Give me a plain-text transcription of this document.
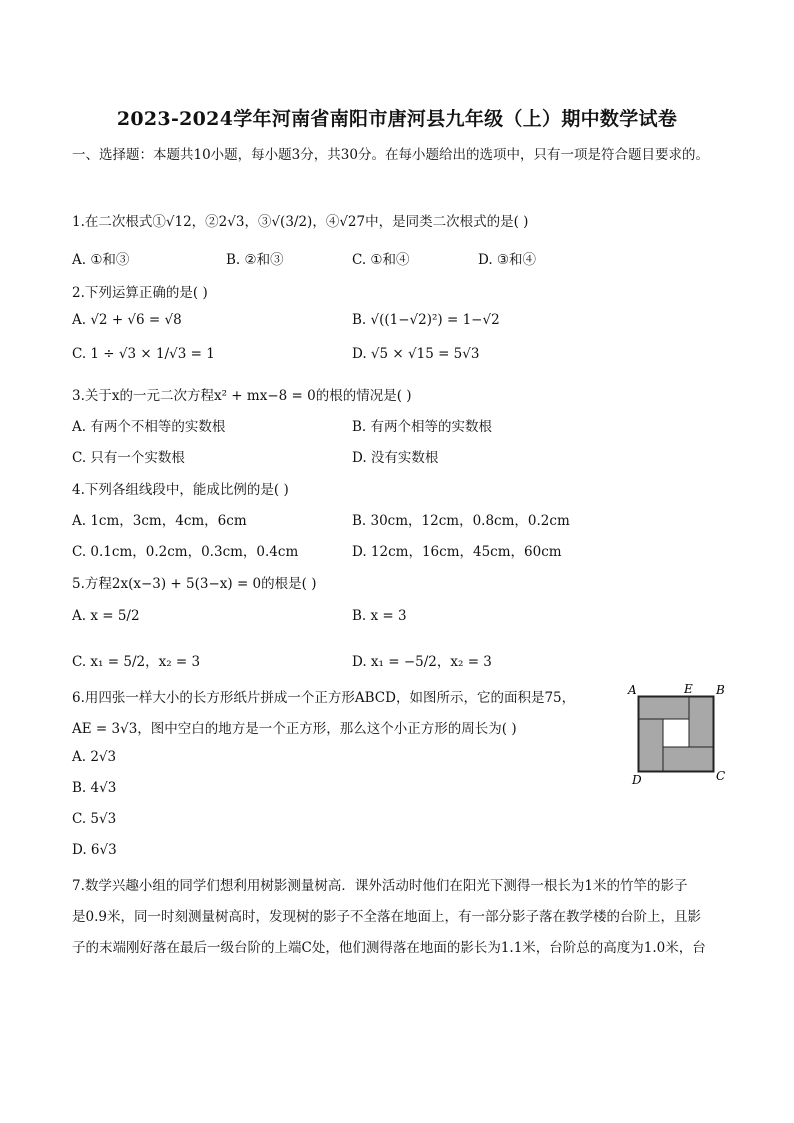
2023-2024学年河南省南阳市唐河县九年级（上）期中数学试卷
一、选择题：本题共10小题，每小题3分，共30分。在每小题给出的选项中，只有一项是符合题目要求的。
1.在二次根式①√12，②2√3，③√(3/2)，④√27中，是同类二次根式的是( )
A. ①和③	B. ②和③	C. ①和④	D. ③和④
2.下列运算正确的是( )
A. √2 + √6 = √8	B. √((1−√2)²) = 1−√2
C. 1 ÷ √3 × 1/√3 = 1	D. √5 × √15 = 5√3
3.关于x的一元二次方程x² + mx−8 = 0的根的情况是( )
A. 有两个不相等的实数根	B. 有两个相等的实数根
C. 只有一个实数根	D. 没有实数根
4.下列各组线段中，能成比例的是( )
A. 1cm，3cm，4cm，6cm	B. 30cm，12cm，0.8cm，0.2cm
C. 0.1cm，0.2cm，0.3cm，0.4cm	D. 12cm，16cm，45cm，60cm
5.方程2x(x−3) + 5(3−x) = 0的根是( )
A. x = 5/2	B. x = 3
C. x₁ = 5/2，x₂ = 3	D. x₁ = −5/2，x₂ = 3
6.用四张一样大小的长方形纸片拼成一个正方形ABCD，如图所示，它的面积是75，
AE = 3√3，图中空白的地方是一个正方形，那么这个小正方形的周长为( )
A. 2√3
B. 4√3
C. 5√3
D. 6√3
A	E B
C
D
7.数学兴趣小组的同学们想利用树影测量树高．课外活动时他们在阳光下测得一根长为1米的竹竿的影子
是0.9米，同一时刻测量树高时，发现树的影子不全落在地面上，有一部分影子落在教学楼的台阶上，且影
子的末端刚好落在最后一级台阶的上端C处，他们测得落在地面的影长为1.1米，台阶总的高度为1.0米，台
